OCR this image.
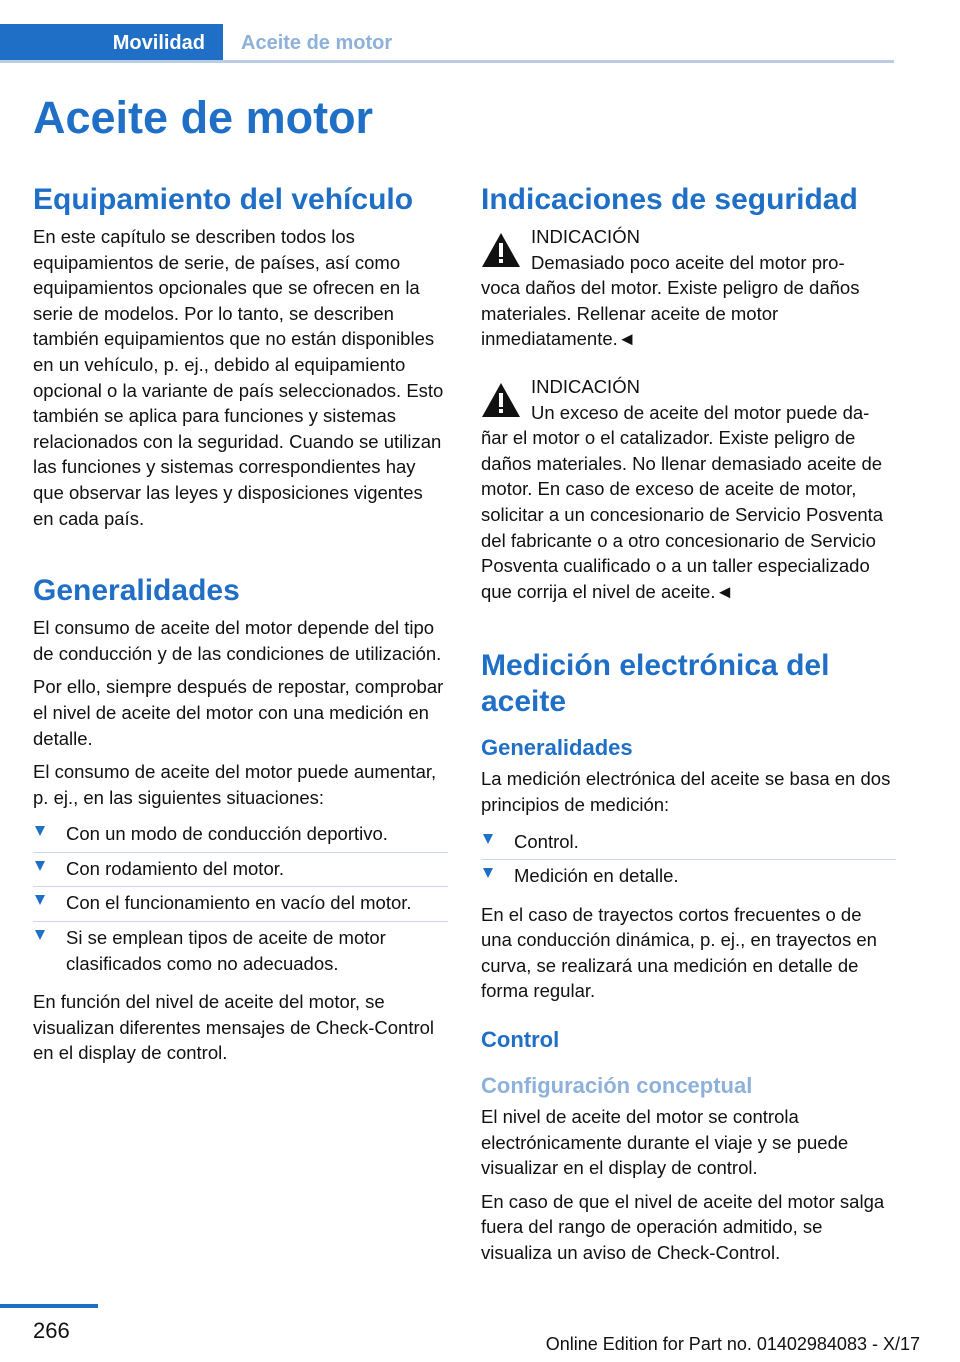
Movilidad	Aceite de motor
Aceite de motor
Equipamiento del vehículo

En este capítulo se describen todos los equipamientos de serie, de países, así como equipamientos opcionales que se ofrecen en la serie de modelos. Por lo tanto, se describen también equipamientos que no están disponibles en un vehículo, p. ej., debido al equipamiento opcional o la variante de país seleccionados. Esto también se aplica para funciones y sistemas relacionados con la seguridad. Cuando se utilizan las funciones y sistemas correspondientes hay que observar las leyes y disposiciones vigentes en cada país.

Generalidades

El consumo de aceite del motor depende del tipo de conducción y de las condiciones de utilización.

Por ello, siempre después de repostar, comprobar el nivel de aceite del motor con una medición en detalle.

El consumo de aceite del motor puede aumentar, p. ej., en las siguientes situaciones:

Con un modo de conducción deportivo.
Con rodamiento del motor.
Con el funcionamiento en vacío del motor.
Si se emplean tipos de aceite de motor clasificados como no adecuados.

En función del nivel de aceite del motor, se visualizan diferentes mensajes de Check-Control en el display de control.

Indicaciones de seguridad
INDICACIÓN

Demasiado poco aceite del motor pro-
voca daños del motor. Existe peligro de daños materiales. Rellenar aceite de motor inmediatamente.◄

INDICACIÓN

Un exceso de aceite del motor puede da-
ñar el motor o el catalizador. Existe peligro de daños materiales. No llenar demasiado aceite de motor. En caso de exceso de aceite de motor, solicitar a un concesionario de Servicio Posventa del fabricante o a otro concesionario de Servicio Posventa cualificado o a un taller especializado que corrija el nivel de aceite.◄

Medición electrónica del aceite
Generalidades

La medición electrónica del aceite se basa en dos principios de medición:

Control.
Medición en detalle.

En el caso de trayectos cortos frecuentes o de una conducción dinámica, p. ej., en trayectos en curva, se realizará una medición en detalle de forma regular.

Control
Configuración conceptual

El nivel de aceite del motor se controla electrónicamente durante el viaje y se puede visualizar en el display de control.

En caso de que el nivel de aceite del motor salga fuera del rango de operación admitido, se visualiza un aviso de Check-Control.

266
Online Edition for Part no. 01402984083 - X/17
